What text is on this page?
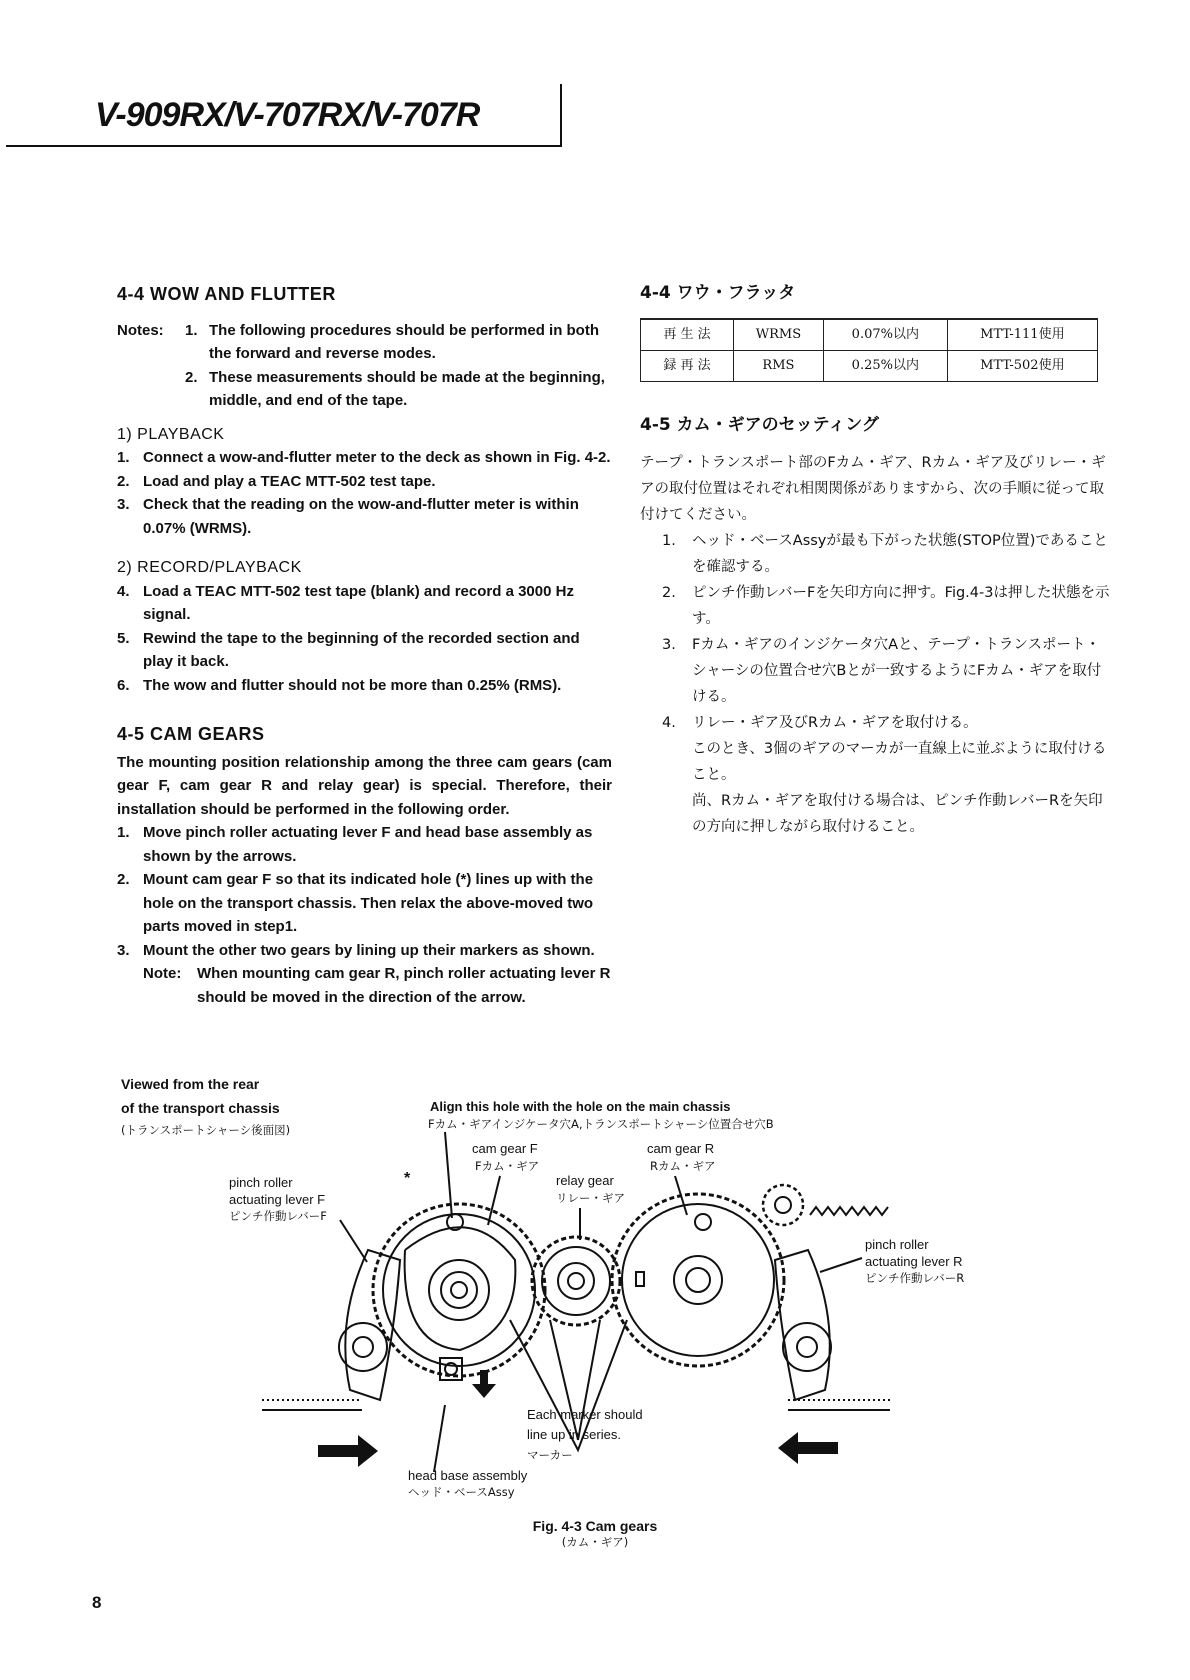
V-909RX/V-707RX/V-707R
4-4 WOW AND FLUTTER
Notes:	1. The following procedures should be performed in both the forward and reverse modes.
2. These measurements should be made at the beginning, middle, and end of the tape.
1) PLAYBACK
1. Connect a wow-and-flutter meter to the deck as shown in Fig. 4-2.
2. Load and play a TEAC MTT-502 test tape.
3. Check that the reading on the wow-and-flutter meter is within 0.07% (WRMS).
2) RECORD/PLAYBACK
4. Load a TEAC MTT-502 test tape (blank) and record a 3000 Hz signal.
5. Rewind the tape to the beginning of the recorded section and play it back.
6. The wow and flutter should not be more than 0.25% (RMS).
4-5 CAM GEARS
The mounting position relationship among the three cam gears (cam gear F, cam gear R and relay gear) is special. Therefore, their installation should be performed in the following order.
1. Move pinch roller actuating lever F and head base assembly as shown by the arrows.
2. Mount cam gear F so that its indicated hole (*) lines up with the hole on the transport chassis. Then relax the above-moved two parts moved in step1.
3. Mount the other two gears by lining up their markers as shown.
Note:	When mounting cam gear R, pinch roller actuating lever R should be moved in the direction of the arrow.
4-4 ワウ・フラッタ
再 生 法	WRMS	0.07%以内	MTT-111使用
録 再 法	RMS	0.25%以内	MTT-502使用
4-5 カム・ギアのセッティング
テープ・トランスポート部のFカム・ギア、Rカム・ギア及びリレー・ギアの取付位置はそれぞれ相関関係がありますから、次の手順に従って取付けてください。
1.	ヘッド・ベースAssyが最も下がった状態(STOP位置)であることを確認する。
2.	ピンチ作動レバーFを矢印方向に押す。Fig.4-3は押した状態を示す。
3.	Fカム・ギアのインジケータ穴Aと、テープ・トランスポート・シャーシの位置合せ穴Bとが一致するようにFカム・ギアを取付ける。
4.	リレー・ギア及びRカム・ギアを取付ける。
このとき、3個のギアのマーカが一直線上に並ぶように取付けること。
尚、Rカム・ギアを取付ける場合は、ピンチ作動レバーRを矢印の方向に押しながら取付けること。
Viewed from the rear
of the transport chassis
(トランスポートシャーシ後面図)
Align this hole with the hole on the main chassis
Fカム・ギアインジケータ穴A,トランスポートシャーシ位置合せ穴B
cam gear F
Fカム・ギア
cam gear R
Rカム・ギア
relay gear
リレー・ギア
pinch roller
actuating lever F
ピンチ作動レバーF
pinch roller
actuating lever R
ピンチ作動レバーR
Each marker should
line up in series.
マーカー
head base assembly
ヘッド・ベースAssy
*
Fig. 4-3 Cam gears
(カム・ギア)
8
